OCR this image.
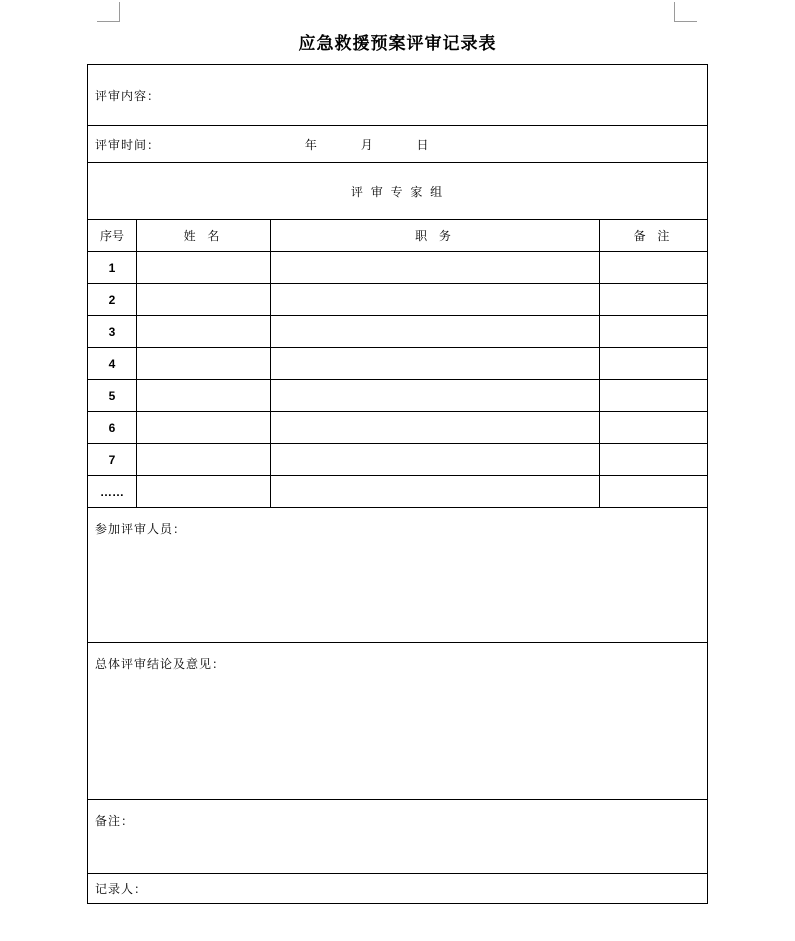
应急救援预案评审记录表
评审内容：			
评审时间： 年 月 日			
评 审 专 家 组			
序号	姓 名	职 务	备 注
1			
2			
3			
4			
5			
6			
7			
……			
参加评审人员：			
总体评审结论及意见：			
备注：			
记录人：			
